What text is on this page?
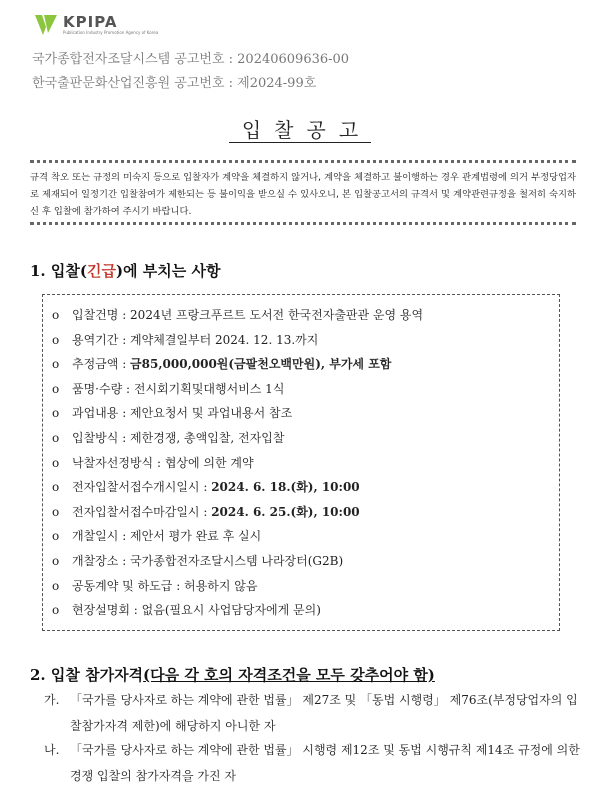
KPIPA
Publication Industry Promotion Agency of Korea
국가종합전자조달시스템 공고번호 : 20240609636-00
한국출판문화산업진흥원 공고번호 : 제2024-99호
입찰공고
규격 착오 또는 규정의 미숙지 등으로 입찰자가 계약을 체결하지 않거나, 계약을 체결하고 불이행하는 경우 관계법령에 의거 부정당업자로 제재되어 일정기간 입찰참여가 제한되는 등 불이익을 받으실 수 있사오니, 본 입찰공고서의 규격서 및 계약관련규정을 철저히 숙지하신 후 입찰에 참가하여 주시기 바랍니다.
1. 입찰(긴급)에 부치는 사항
o 입찰건명 : 2024년 프랑크푸르트 도서전 한국전자출판관 운영 용역
o 용역기간 : 계약체결일부터 2024. 12. 13.까지
o 추정금액 : 금85,000,000원(금팔천오백만원), 부가세 포함
o 품명·수량 : 전시회기획및대행서비스 1식
o 과업내용 : 제안요청서 및 과업내용서 참조
o 입찰방식 : 제한경쟁, 총액입찰, 전자입찰
o 낙찰자선정방식 : 협상에 의한 계약
o 전자입찰서접수개시일시 : 2024. 6. 18.(화), 10:00
o 전자입찰서접수마감일시 : 2024. 6. 25.(화), 10:00
o 개찰일시 : 제안서 평가 완료 후 실시
o 개찰장소 : 국가종합전자조달시스템 나라장터(G2B)
o 공동계약 및 하도급 : 허용하지 않음
o 현장설명회 : 없음(필요시 사업담당자에게 문의)
2. 입찰 참가자격(다음 각 호의 자격조건을 모두 갖추어야 함)
가. 「국가를 당사자로 하는 계약에 관한 법률」 제27조 및 「동법 시행령」 제76조(부정당업자의 입찰참가자격 제한)에 해당하지 아니한 자
나. 「국가를 당사자로 하는 계약에 관한 법률」 시행령 제12조 및 동법 시행규칙 제14조 규정에 의한 경쟁 입찰의 참가자격을 가진 자
